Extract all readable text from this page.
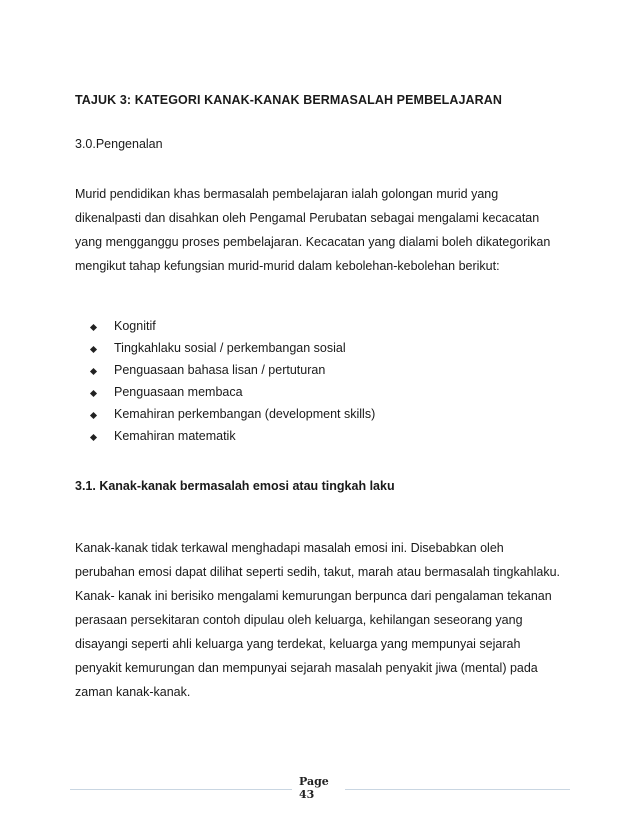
TAJUK 3: KATEGORI KANAK-KANAK BERMASALAH PEMBELAJARAN
3.0.Pengenalan
Murid pendidikan khas bermasalah pembelajaran ialah golongan murid yang
dikenalpasti dan disahkan oleh Pengamal Perubatan sebagai mengalami kecacatan
yang mengganggu proses pembelajaran. Kecacatan yang dialami boleh dikategorikan
mengikut tahap kefungsian murid-murid dalam kebolehan-kebolehan berikut:
Kognitif
Tingkahlaku sosial / perkembangan sosial
Penguasaan bahasa lisan / pertuturan
Penguasaan membaca
Kemahiran perkembangan (development skills)
Kemahiran matematik
3.1. Kanak-kanak bermasalah emosi atau tingkah laku
Kanak-kanak tidak terkawal menghadapi masalah emosi ini. Disebabkan oleh
perubahan emosi dapat dilihat seperti sedih, takut, marah atau bermasalah tingkahlaku.
Kanak- kanak ini berisiko mengalami kemurungan berpunca dari pengalaman tekanan
perasaan persekitaran contoh dipulau oleh keluarga, kehilangan seseorang yang
disayangi seperti ahli keluarga yang terdekat, keluarga yang mempunyai sejarah
penyakit kemurungan dan mempunyai sejarah masalah penyakit jiwa (mental) pada
zaman kanak-kanak.
Page
43
